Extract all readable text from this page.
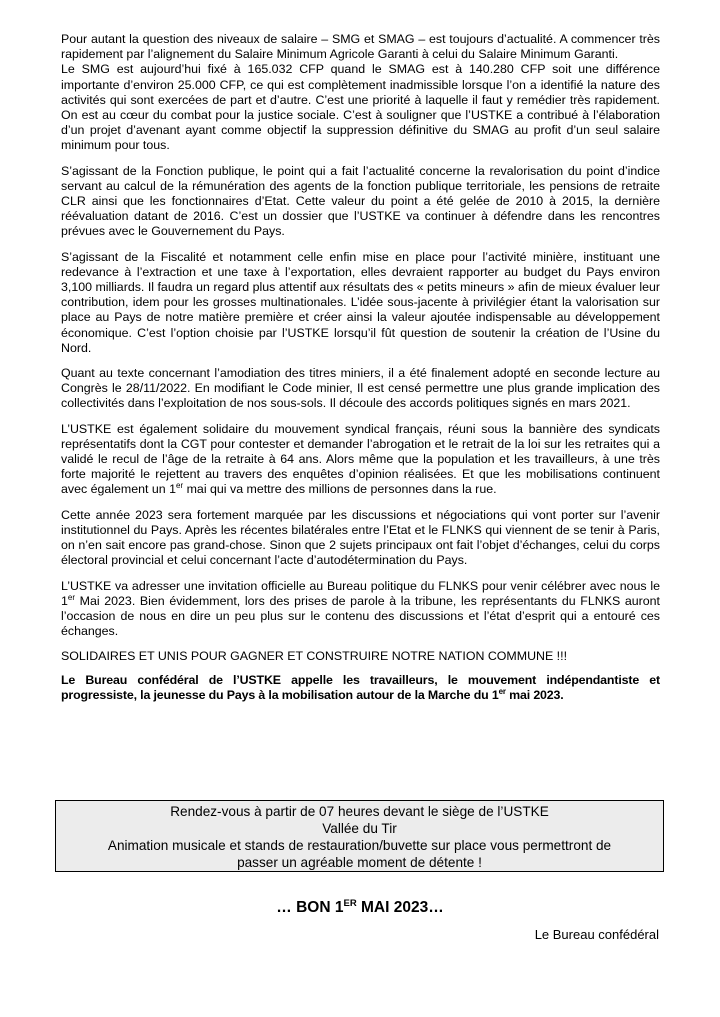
Pour autant la question des niveaux de salaire – SMG et SMAG – est toujours d’actualité. A commencer très rapidement par l’alignement du Salaire Minimum Agricole Garanti à celui du Salaire Minimum Garanti.
Le SMG est aujourd’hui fixé à 165.032 CFP quand le SMAG est à 140.280 CFP soit une différence importante d’environ 25.000 CFP, ce qui est complètement inadmissible lorsque l’on a identifié la nature des activités qui sont exercées de part et d’autre. C’est une priorité à laquelle il faut y remédier très rapidement. On est au cœur du combat pour la justice sociale. C’est à souligner que l’USTKE a contribué à l’élaboration d’un projet d’avenant ayant comme objectif la suppression définitive du SMAG au profit d’un seul salaire minimum pour tous.

S’agissant de la Fonction publique, le point qui a fait l’actualité concerne la revalorisation du point d’indice servant au calcul de la rémunération des agents de la fonction publique territoriale, les pensions de retraite CLR ainsi que les fonctionnaires d’Etat. Cette valeur du point a été gelée de 2010 à 2015, la dernière réévaluation datant de 2016. C’est un dossier que l’USTKE va continuer à défendre dans les rencontres prévues avec le Gouvernement du Pays.

S’agissant de la Fiscalité et notamment celle enfin mise en place pour l’activité minière, instituant une redevance à l’extraction et une taxe à l’exportation, elles devraient rapporter au budget du Pays environ 3,100 milliards. Il faudra un regard plus attentif aux résultats des « petits mineurs » afin de mieux évaluer leur contribution, idem pour les grosses multinationales. L’idée sous-jacente à privilégier étant la valorisation sur place au Pays de notre matière première et créer ainsi la valeur ajoutée indispensable au développement économique. C’est l’option choisie par l’USTKE lorsqu’il fût question de soutenir la création de l’Usine du Nord.

Quant au texte concernant l’amodiation des titres miniers, il a été finalement adopté en seconde lecture au Congrès le 28/11/2022. En modifiant le Code minier, Il est censé permettre une plus grande implication des collectivités dans l’exploitation de nos sous-sols. Il découle des accords politiques signés en mars 2021.

L’USTKE est également solidaire du mouvement syndical français, réuni sous la bannière des syndicats représentatifs dont la CGT pour contester et demander l’abrogation et le retrait de la loi sur les retraites qui a validé le recul de l’âge de la retraite à 64 ans. Alors même que la population et les travailleurs, à une très forte majorité le rejettent au travers des enquêtes d’opinion réalisées. Et que les mobilisations continuent avec également un 1er mai qui va mettre des millions de personnes dans la rue.

Cette année 2023 sera fortement marquée par les discussions et négociations qui vont porter sur l’avenir institutionnel du Pays. Après les récentes bilatérales entre l’Etat et le FLNKS qui viennent de se tenir à Paris, on n’en sait encore pas grand-chose. Sinon que 2 sujets principaux ont fait l’objet d’échanges, celui du corps électoral provincial et celui concernant l’acte d’autodétermination du Pays.

L’USTKE va adresser une invitation officielle au Bureau politique du FLNKS pour venir célébrer avec nous le 1er Mai 2023. Bien évidemment, lors des prises de parole à la tribune, les représentants du FLNKS auront l’occasion de nous en dire un peu plus sur le contenu des discussions et l’état d’esprit qui a entouré ces échanges.

SOLIDAIRES ET UNIS POUR GAGNER ET CONSTRUIRE NOTRE NATION COMMUNE !!!

Le Bureau confédéral de l’USTKE appelle les travailleurs, le mouvement indépendantiste et progressiste, la jeunesse du Pays à la mobilisation autour de la Marche du 1er mai 2023.

Rendez-vous à partir de 07 heures devant le siège de l’USTKE
Vallée du Tir
Animation musicale et stands de restauration/buvette sur place vous permettront de
passer un agréable moment de détente !
… BON 1ER MAI 2023…
Le Bureau confédéral
